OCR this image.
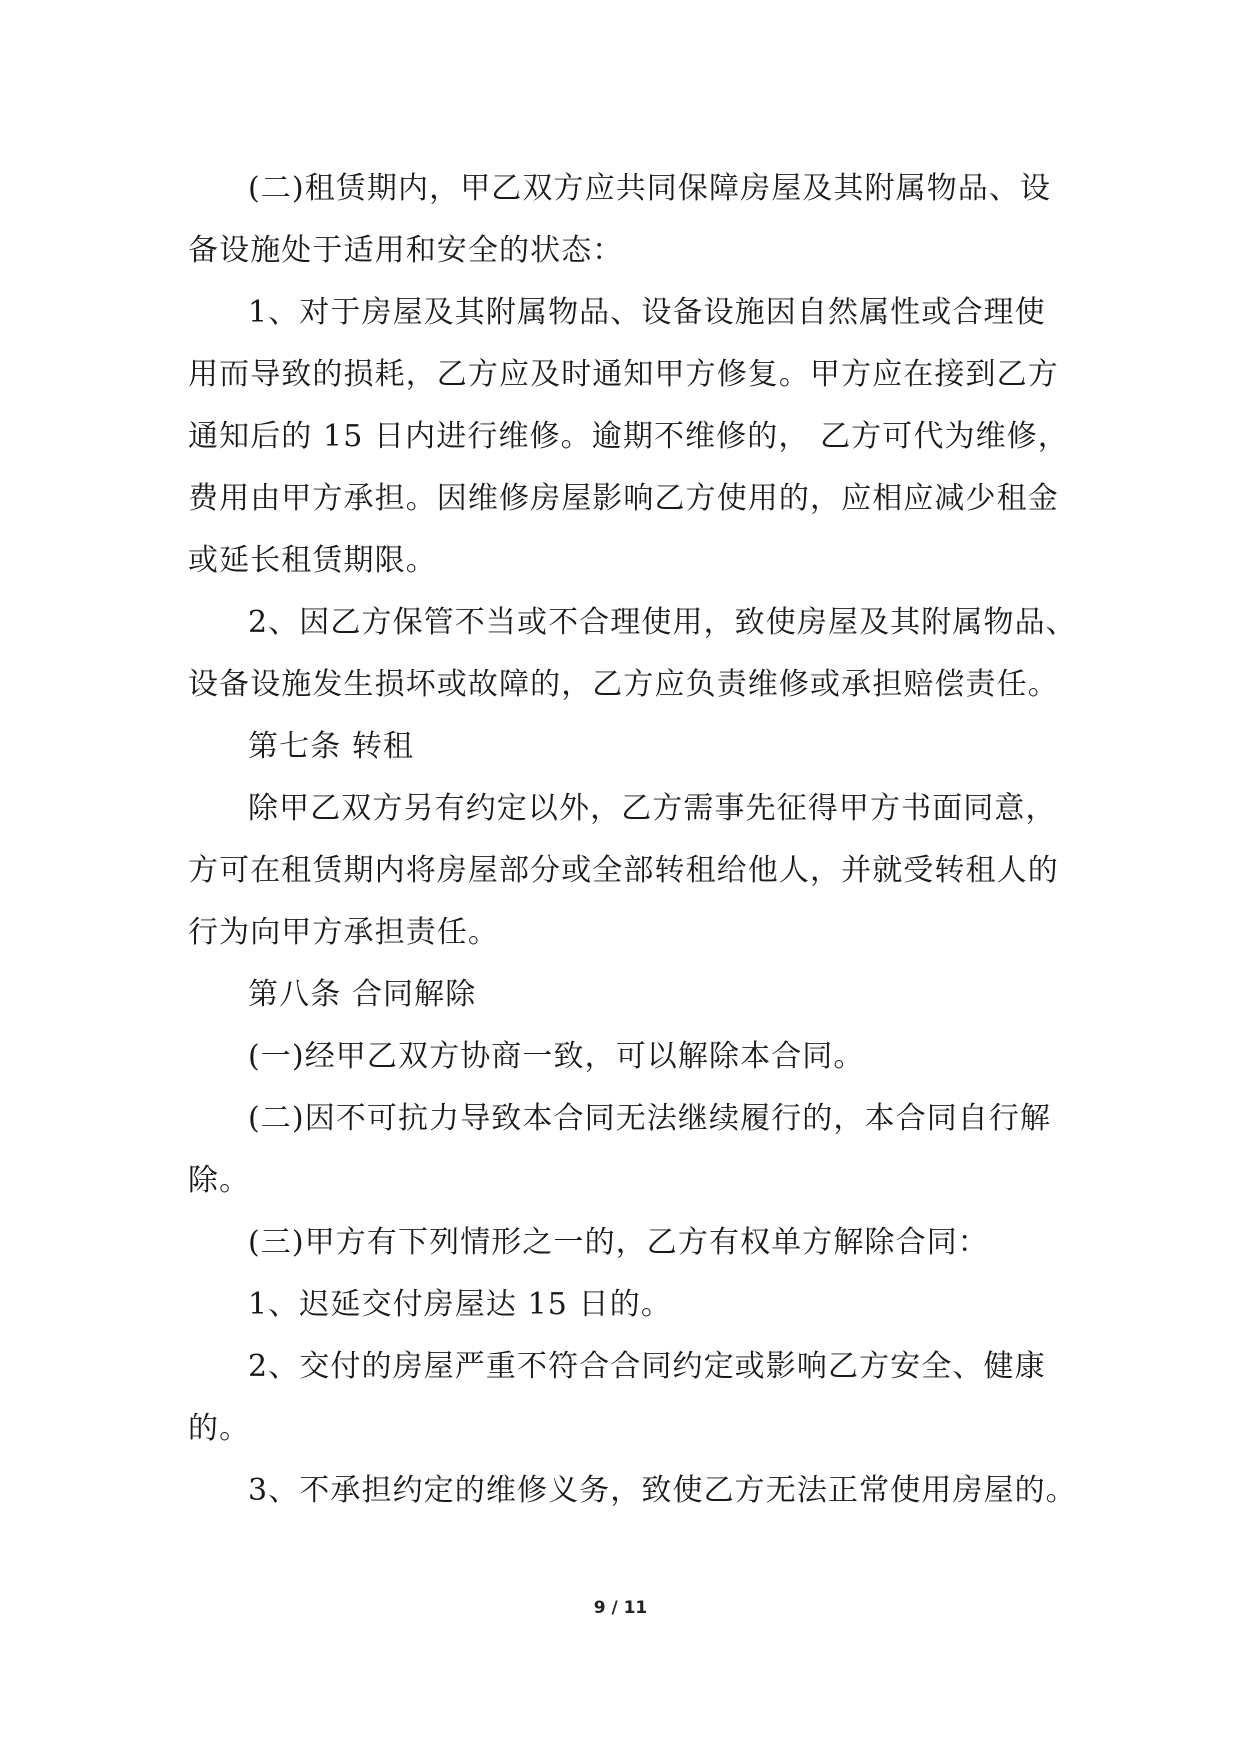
(二)租赁期内，甲乙双方应共同保障房屋及其附属物品、设
备设施处于适用和安全的状态：
1、对于房屋及其附属物品、设备设施因自然属性或合理使
用而导致的损耗，乙方应及时通知甲方修复。甲方应在接到乙方
通知后的 15 日内进行维修。逾期不维修的， 乙方可代为维修，
费用由甲方承担。因维修房屋影响乙方使用的，应相应减少租金
或延长租赁期限。
2、因乙方保管不当或不合理使用，致使房屋及其附属物品、
设备设施发生损坏或故障的，乙方应负责维修或承担赔偿责任。
第七条 转租
除甲乙双方另有约定以外，乙方需事先征得甲方书面同意，
方可在租赁期内将房屋部分或全部转租给他人，并就受转租人的
行为向甲方承担责任。
第八条 合同解除
(一)经甲乙双方协商一致，可以解除本合同。
(二)因不可抗力导致本合同无法继续履行的，本合同自行解
除。
(三)甲方有下列情形之一的，乙方有权单方解除合同：
1、迟延交付房屋达 15 日的。
2、交付的房屋严重不符合合同约定或影响乙方安全、健康
的。
3、不承担约定的维修义务，致使乙方无法正常使用房屋的。
9 / 11
